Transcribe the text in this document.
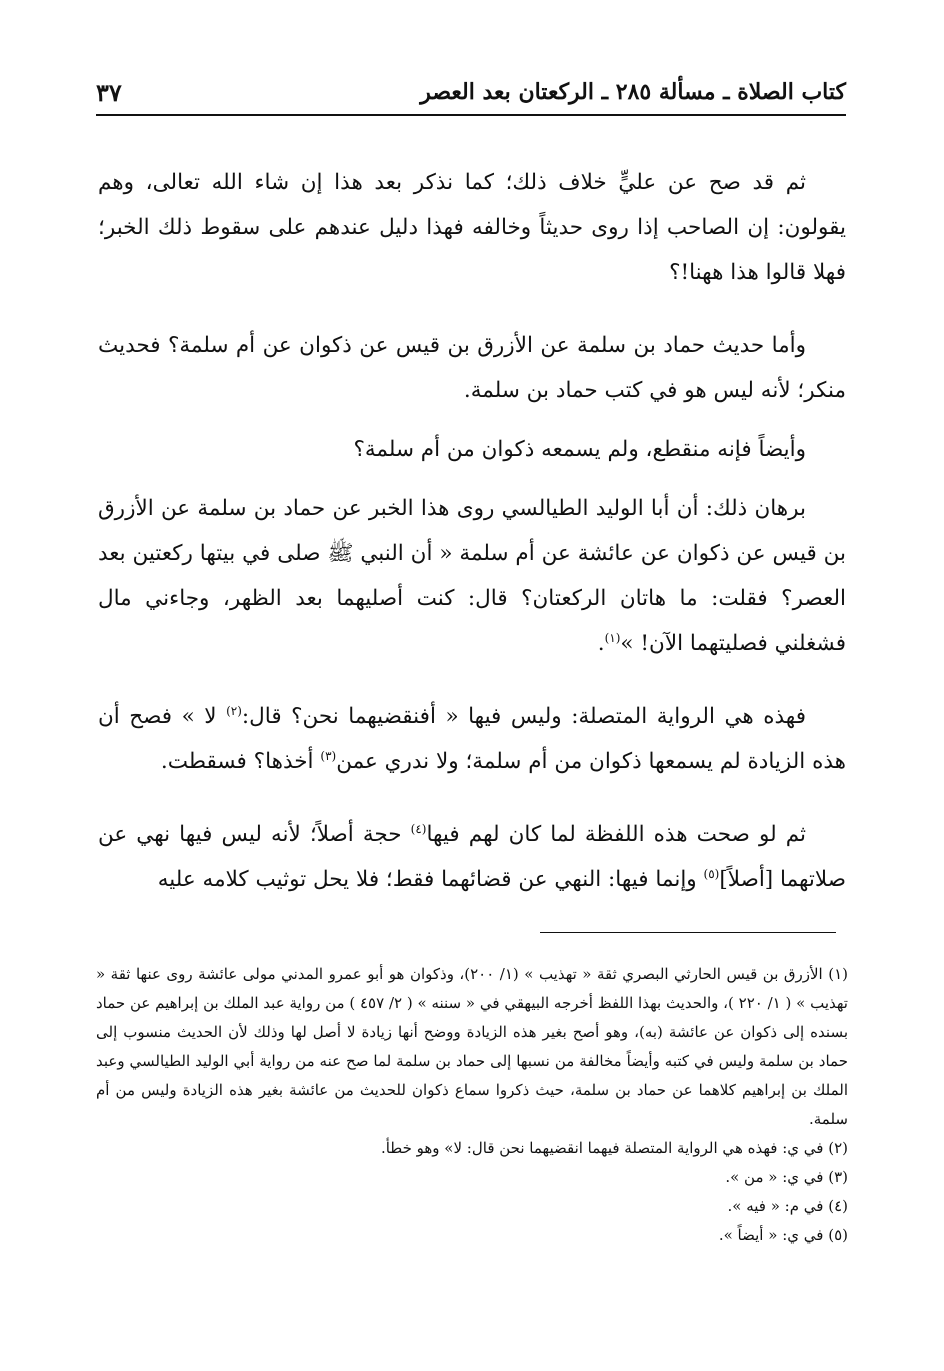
كتاب الصلاة ـ مسألة ٢٨٥ ـ الركعتان بعد العصر
٣٧

ثم قد صح عن عليٍّ خلاف ذلك؛ كما نذكر بعد هذا إن شاء الله تعالى، وهم يقولون: إن الصاحب إذا روى حديثاً وخالفه فهذا دليل عندهم على سقوط ذلك الخبر؛ فهلا قالوا هذا ههنا!؟

وأما حديث حماد بن سلمة عن الأزرق بن قيس عن ذكوان عن أم سلمة؟ فحديث منكر؛ لأنه ليس هو في كتب حماد بن سلمة.

وأيضاً فإنه منقطع، ولم يسمعه ذكوان من أم سلمة؟

برهان ذلك: أن أبا الوليد الطيالسي روى هذا الخبر عن حماد بن سلمة عن الأزرق بن قيس عن ذكوان عن عائشة عن أم سلمة « أن النبي ﷺ صلى في بيتها ركعتين بعد العصر؟ فقلت: ما هاتان الركعتان؟ قال: كنت أصليهما بعد الظهر، وجاءني مال فشغلني فصليتهما الآن! »$^{(١)}$.

فهذه هي الرواية المتصلة: وليس فيها « أفنقضيهما نحن؟ قال:$^{(٢)}$ لا » فصح أن هذه الزيادة لم يسمعها ذكوان من أم سلمة؛ ولا ندري عمن$^{(٣)}$ أخذها؟ فسقطت.

ثم لو صحت هذه اللفظة لما كان لهم فيها$^{(٤)}$ حجة أصلاً؛ لأنه ليس فيها نهي عن صلاتهما [أصلاً]$^{(٥)}$ وإنما فيها: النهي عن قضائهما فقط؛ فلا يحل توثيب كلامه عليه

(١) الأزرق بن قيس الحارثي البصري ثقة « تهذيب » (١/ ٢٠٠)، وذكوان هو أبو عمرو المدني مولى عائشة روى عنها ثقة « تهذيب » ( ١/ ٢٢٠ )، والحديث بهذا اللفظ أخرجه البيهقي في « سننه » ( ٢/ ٤٥٧ ) من رواية عبد الملك بن إبراهيم عن حماد بسنده إلى ذكوان عن عائشة (به)، وهو أصح بغير هذه الزيادة ووضح أنها زيادة لا أصل لها وذلك لأن الحديث منسوب إلى حماد بن سلمة وليس في كتبه وأيضاً مخالفة من نسبها إلى حماد بن سلمة لما صح عنه من رواية أبي الوليد الطيالسي وعبد الملك بن إبراهيم كلاهما عن حماد بن سلمة، حيث ذكروا سماع ذكوان للحديث من عائشة بغير هذه الزيادة وليس من أم سلمة.

(٢) في ي: فهذه هي الرواية المتصلة فيهما انقضيهما نحن قال: لا» وهو خطأ.

(٣) في ي: « من ».

(٤) في م: « فيه ».

(٥) في ي: « أيضاً ».
